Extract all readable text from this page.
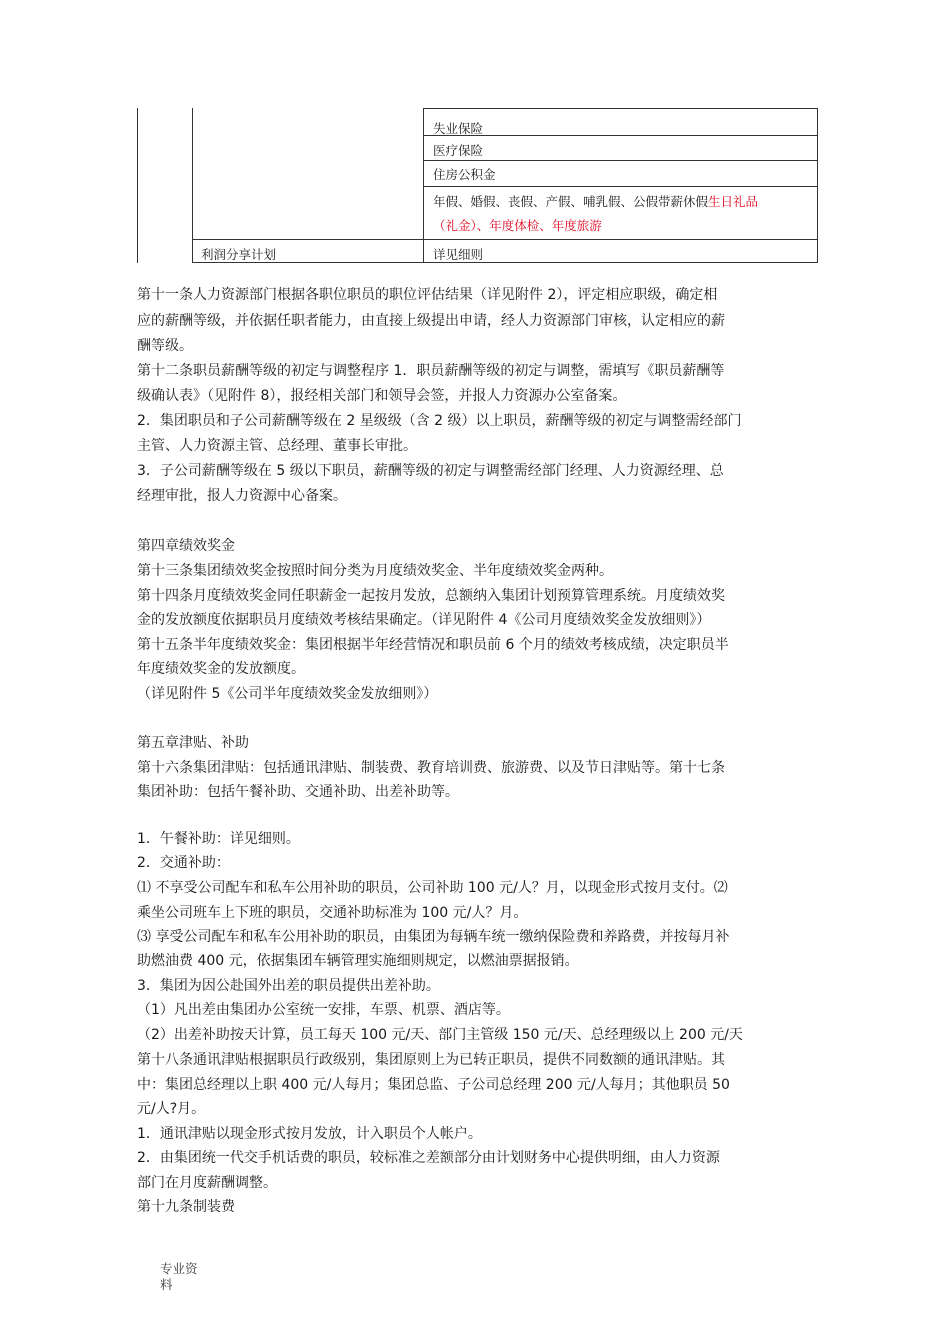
失业保险
医疗保险
住房公积金
年假、婚假、丧假、产假、哺乳假、公假带薪休假生日礼品
（礼金）、年度体检、年度旅游
利润分享计划	详见细则
第十一条人力资源部门根据各职位职员的职位评估结果（详见附件 2），评定相应职级，确定相
应的薪酬等级，并依据任职者能力，由直接上级提出申请，经人力资源部门审核，认定相应的薪
酬等级。
第十二条职员薪酬等级的初定与调整程序 1．职员薪酬等级的初定与调整，需填写《职员薪酬等
级确认表》（见附件 8），报经相关部门和领导会签，并报人力资源办公室备案。
2．集团职员和子公司薪酬等级在 2 星级级（含 2 级）以上职员，薪酬等级的初定与调整需经部门
主管、人力资源主管、总经理、董事长审批。
3．子公司薪酬等级在 5 级以下职员，薪酬等级的初定与调整需经部门经理、人力资源经理、总
经理审批，报人力资源中心备案。
第四章绩效奖金
第十三条集团绩效奖金按照时间分类为月度绩效奖金、半年度绩效奖金两种。
第十四条月度绩效奖金同任职薪金一起按月发放，总额纳入集团计划预算管理系统。月度绩效奖
金的发放额度依据职员月度绩效考核结果确定。（详见附件 4《公司月度绩效奖金发放细则》）
第十五条半年度绩效奖金：集团根据半年经营情况和职员前 6 个月的绩效考核成绩，决定职员半
年度绩效奖金的发放额度。
（详见附件 5《公司半年度绩效奖金发放细则》）
第五章津贴、补助
第十六条集团津贴：包括通讯津贴、制装费、教育培训费、旅游费、以及节日津贴等。第十七条
集团补助：包括午餐补助、交通补助、出差补助等。
1．午餐补助：详见细则。
2．交通补助：
⑴ 不享受公司配车和私车公用补助的职员，公司补助 100 元/人？月，以现金形式按月支付。⑵
乘坐公司班车上下班的职员，交通补助标准为 100 元/人？月。
⑶ 享受公司配车和私车公用补助的职员，由集团为每辆车统一缴纳保险费和养路费，并按每月补
助燃油费 400 元，依据集团车辆管理实施细则规定，以燃油票据报销。
3．集团为因公赴国外出差的职员提供出差补助。
（1）凡出差由集团办公室统一安排，车票、机票、酒店等。
（2）出差补助按天计算，员工每天 100 元/天、部门主管级 150 元/天、总经理级以上 200 元/天
第十八条通讯津贴根据职员行政级别，集团原则上为已转正职员，提供不同数额的通讯津贴。其
中：集团总经理以上职 400 元/人每月；集团总监、子公司总经理 200 元/人每月；其他职员 50
元/人?月。
1．通讯津贴以现金形式按月发放，计入职员个人帐户。
2．由集团统一代交手机话费的职员，较标准之差额部分由计划财务中心提供明细，由人力资源
部门在月度薪酬调整。
第十九条制装费
专业资
料
